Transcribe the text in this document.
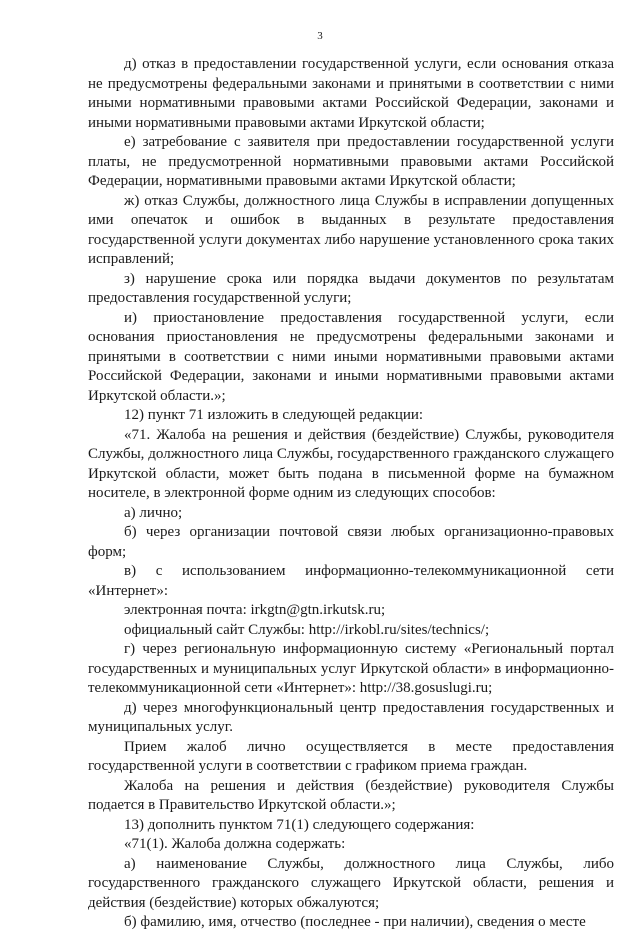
3

д) отказ в предоставлении государственной услуги, если основания отказа не предусмотрены федеральными законами и принятыми в соответствии с ними иными нормативными правовыми актами Российской Федерации, законами и иными нормативными правовыми актами Иркутской области;

е) затребование с заявителя при предоставлении государственной услуги платы, не предусмотренной нормативными правовыми актами Российской Федерации, нормативными правовыми актами Иркутской области;

ж) отказ Службы, должностного лица Службы в исправлении допущенных ими опечаток и ошибок в выданных в результате предоставления государственной услуги документах либо нарушение установленного срока таких исправлений;

з) нарушение срока или порядка выдачи документов по результатам предоставления государственной услуги;

и) приостановление предоставления государственной услуги, если основания приостановления не предусмотрены федеральными законами и принятыми в соответствии с ними иными нормативными правовыми актами Российской Федерации, законами и иными нормативными правовыми актами Иркутской области.»;

12) пункт 71 изложить в следующей редакции:

«71. Жалоба на решения и действия (бездействие) Службы, руководителя Службы, должностного лица Службы, государственного гражданского служащего Иркутской области, может быть подана в письменной форме на бумажном носителе, в электронной форме одним из следующих способов:

а) лично;

б) через организации почтовой связи любых организационно-правовых форм;

в) с использованием информационно-телекоммуникационной сети «Интернет»:

электронная почта: irkgtn@gtn.irkutsk.ru;

официальный сайт Службы: http://irkobl.ru/sites/technics/;

г) через региональную информационную систему «Региональный портал государственных и муниципальных услуг Иркутской области» в информационно-телекоммуникационной сети «Интернет»: http://38.gosuslugi.ru;

д) через многофункциональный центр предоставления государственных и муниципальных услуг.

Прием жалоб лично осуществляется в месте предоставления государственной услуги в соответствии с графиком приема граждан.

Жалоба на решения и действия (бездействие) руководителя Службы подается в Правительство Иркутской области.»;

13) дополнить пунктом 71(1) следующего содержания:

«71(1). Жалоба должна содержать:

а) наименование Службы, должностного лица Службы, либо государственного гражданского служащего Иркутской области, решения и действия (бездействие) которых обжалуются;

б) фамилию, имя, отчество (последнее - при наличии), сведения о месте
